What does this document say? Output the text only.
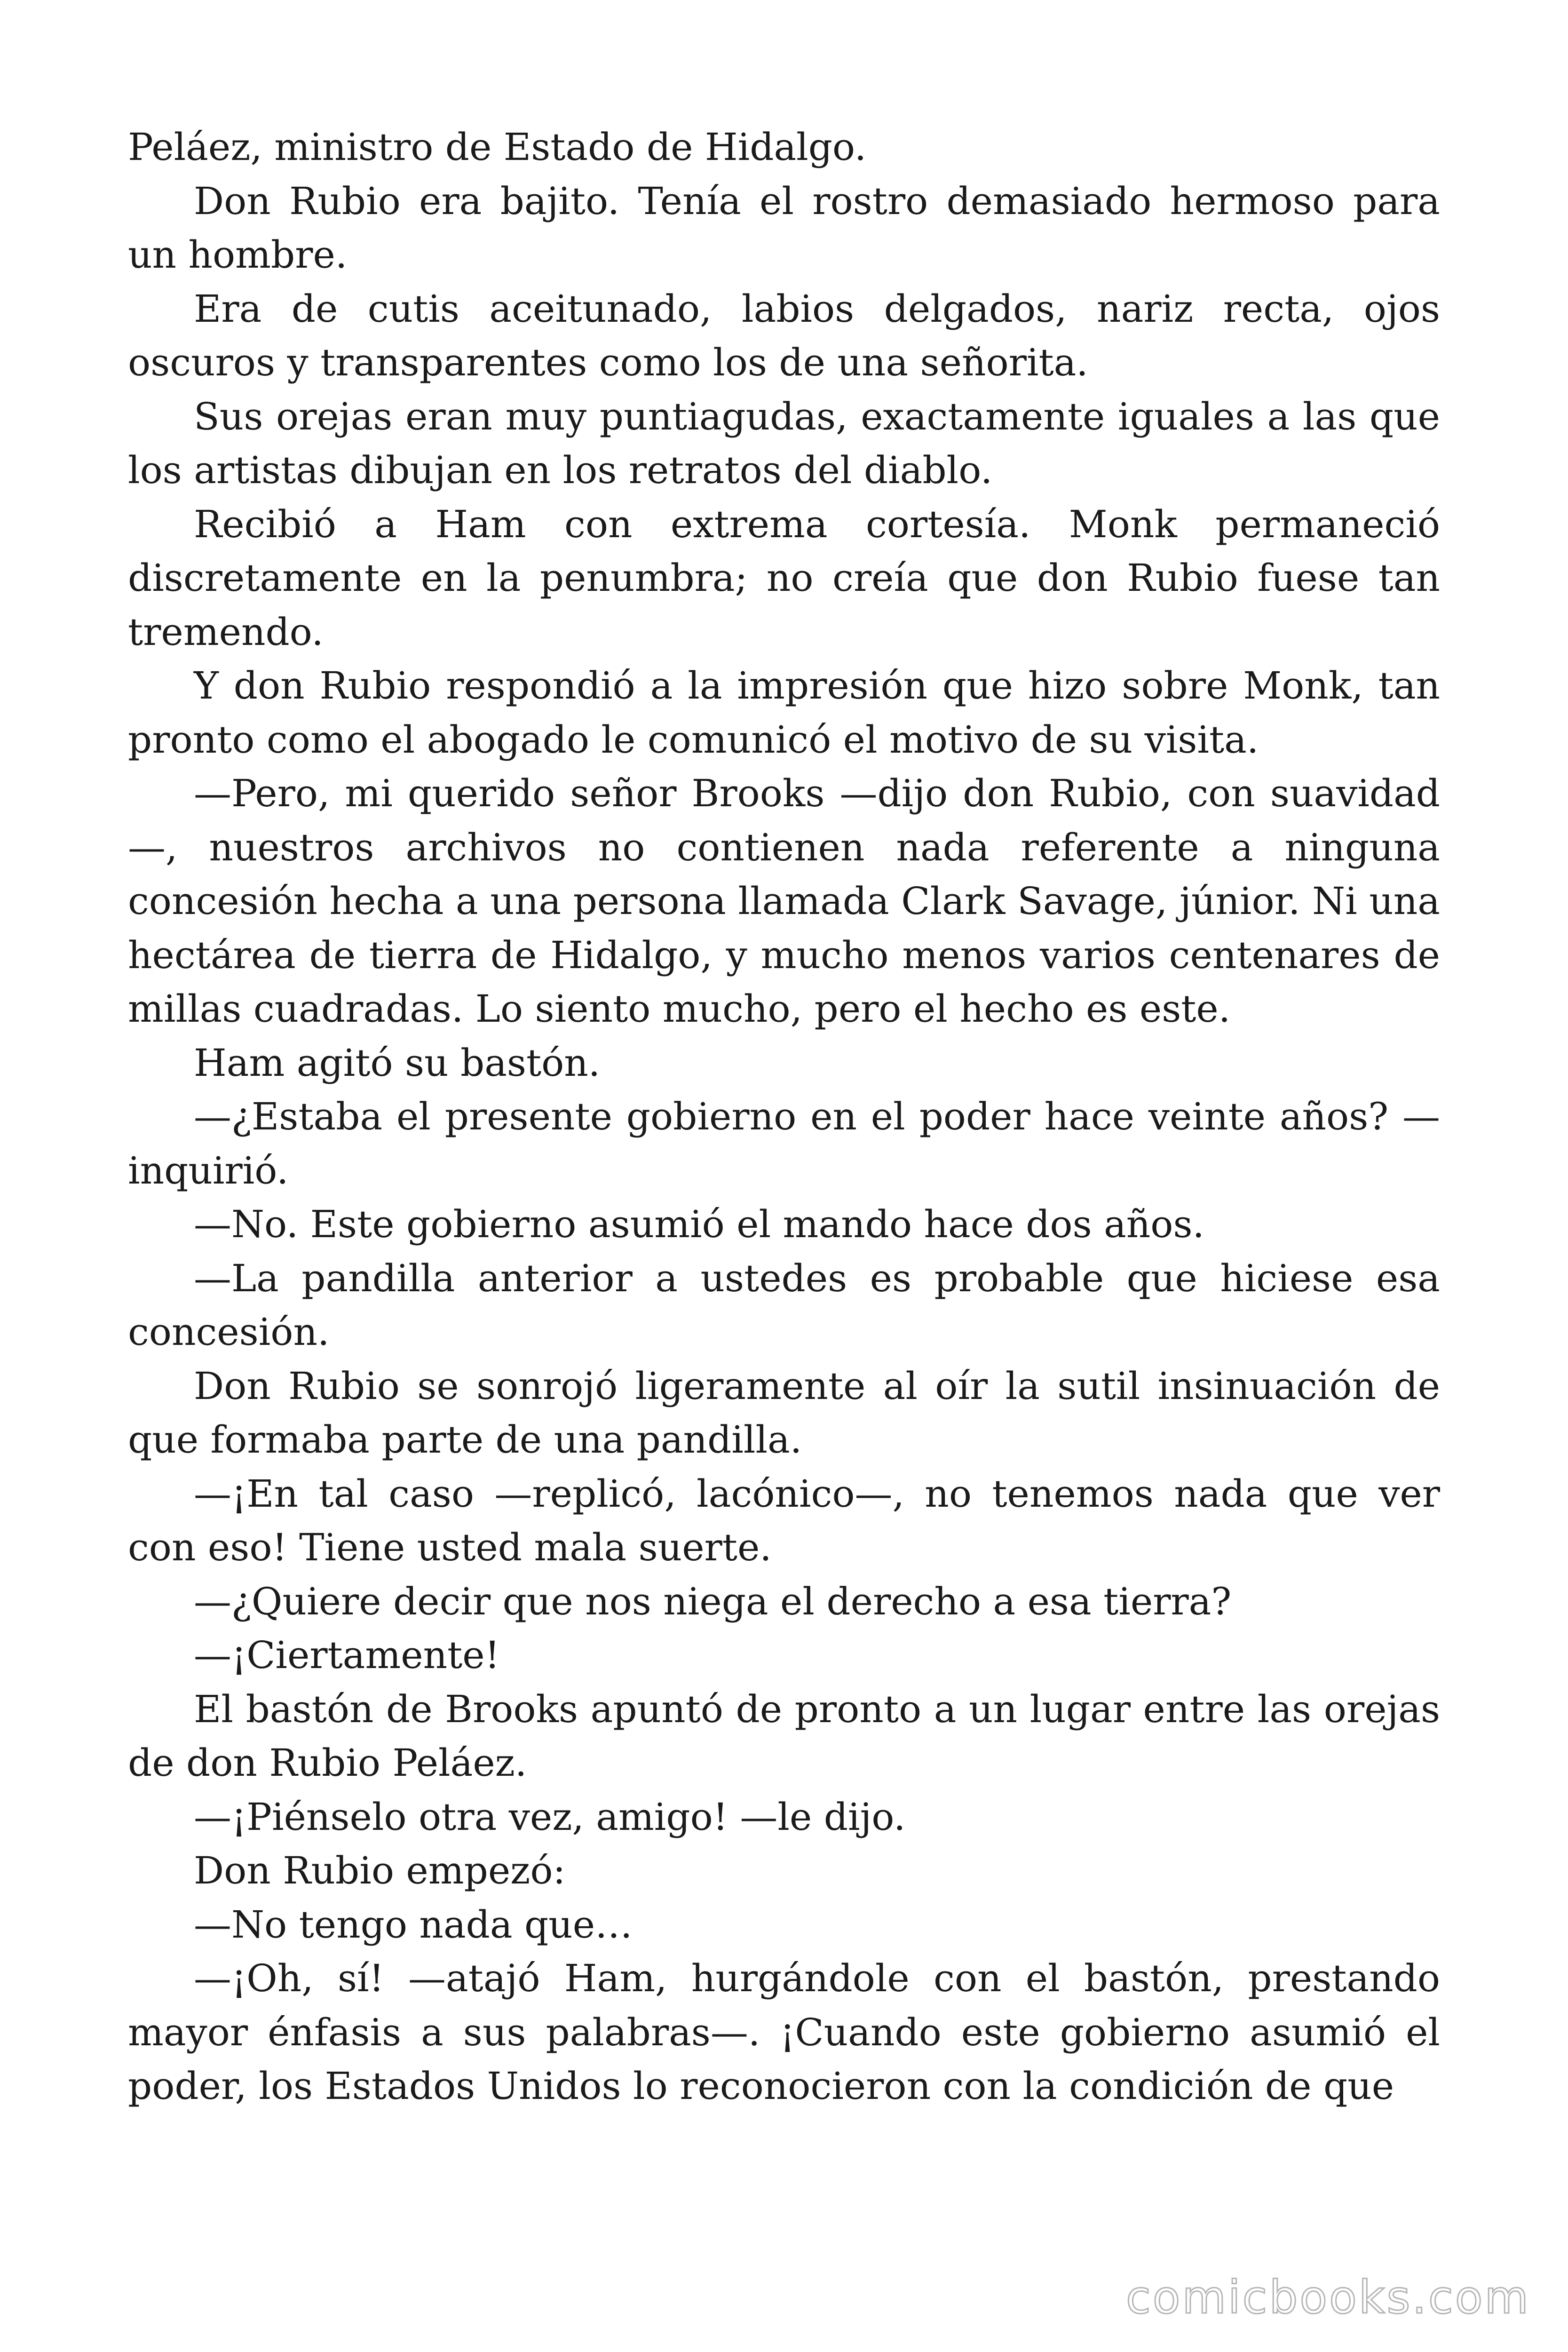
Peláez, ministro de Estado de Hidalgo.

Don Rubio era bajito. Tenía el rostro demasiado hermoso para un hombre.

Era de cutis aceitunado, labios delgados, nariz recta, ojos oscuros y transparentes como los de una señorita.

Sus orejas eran muy puntiagudas, exactamente iguales a las que los artistas dibujan en los retratos del diablo.

Recibió a Ham con extrema cortesía. Monk permaneció discretamente en la penumbra; no creía que don Rubio fuese tan tremendo.

Y don Rubio respondió a la impresión que hizo sobre Monk, tan pronto como el abogado le comunicó el motivo de su visita.

—Pero, mi querido señor Brooks —dijo don Rubio, con suavidad —, nuestros archivos no contienen nada referente a ninguna concesión hecha a una persona llamada Clark Savage, júnior. Ni una hectárea de tierra de Hidalgo, y mucho menos varios centenares de millas cuadradas. Lo siento mucho, pero el hecho es este.

Ham agitó su bastón.

—¿Estaba el presente gobierno en el poder hace veinte años? —inquirió.

—No. Este gobierno asumió el mando hace dos años.

—La pandilla anterior a ustedes es probable que hiciese esa concesión.

Don Rubio se sonrojó ligeramente al oír la sutil insinuación de que formaba parte de una pandilla.

—¡En tal caso —replicó, lacónico—, no tenemos nada que ver con eso! Tiene usted mala suerte.

—¿Quiere decir que nos niega el derecho a esa tierra?

—¡Ciertamente!

El bastón de Brooks apuntó de pronto a un lugar entre las orejas de don Rubio Peláez.

—¡Piénselo otra vez, amigo! —le dijo.

Don Rubio empezó:

—No tengo nada que…

—¡Oh, sí! —atajó Ham, hurgándole con el bastón, prestando mayor énfasis a sus palabras—. ¡Cuando este gobierno asumió el poder, los Estados Unidos lo reconocieron con la condición de que

comicbooks.com
